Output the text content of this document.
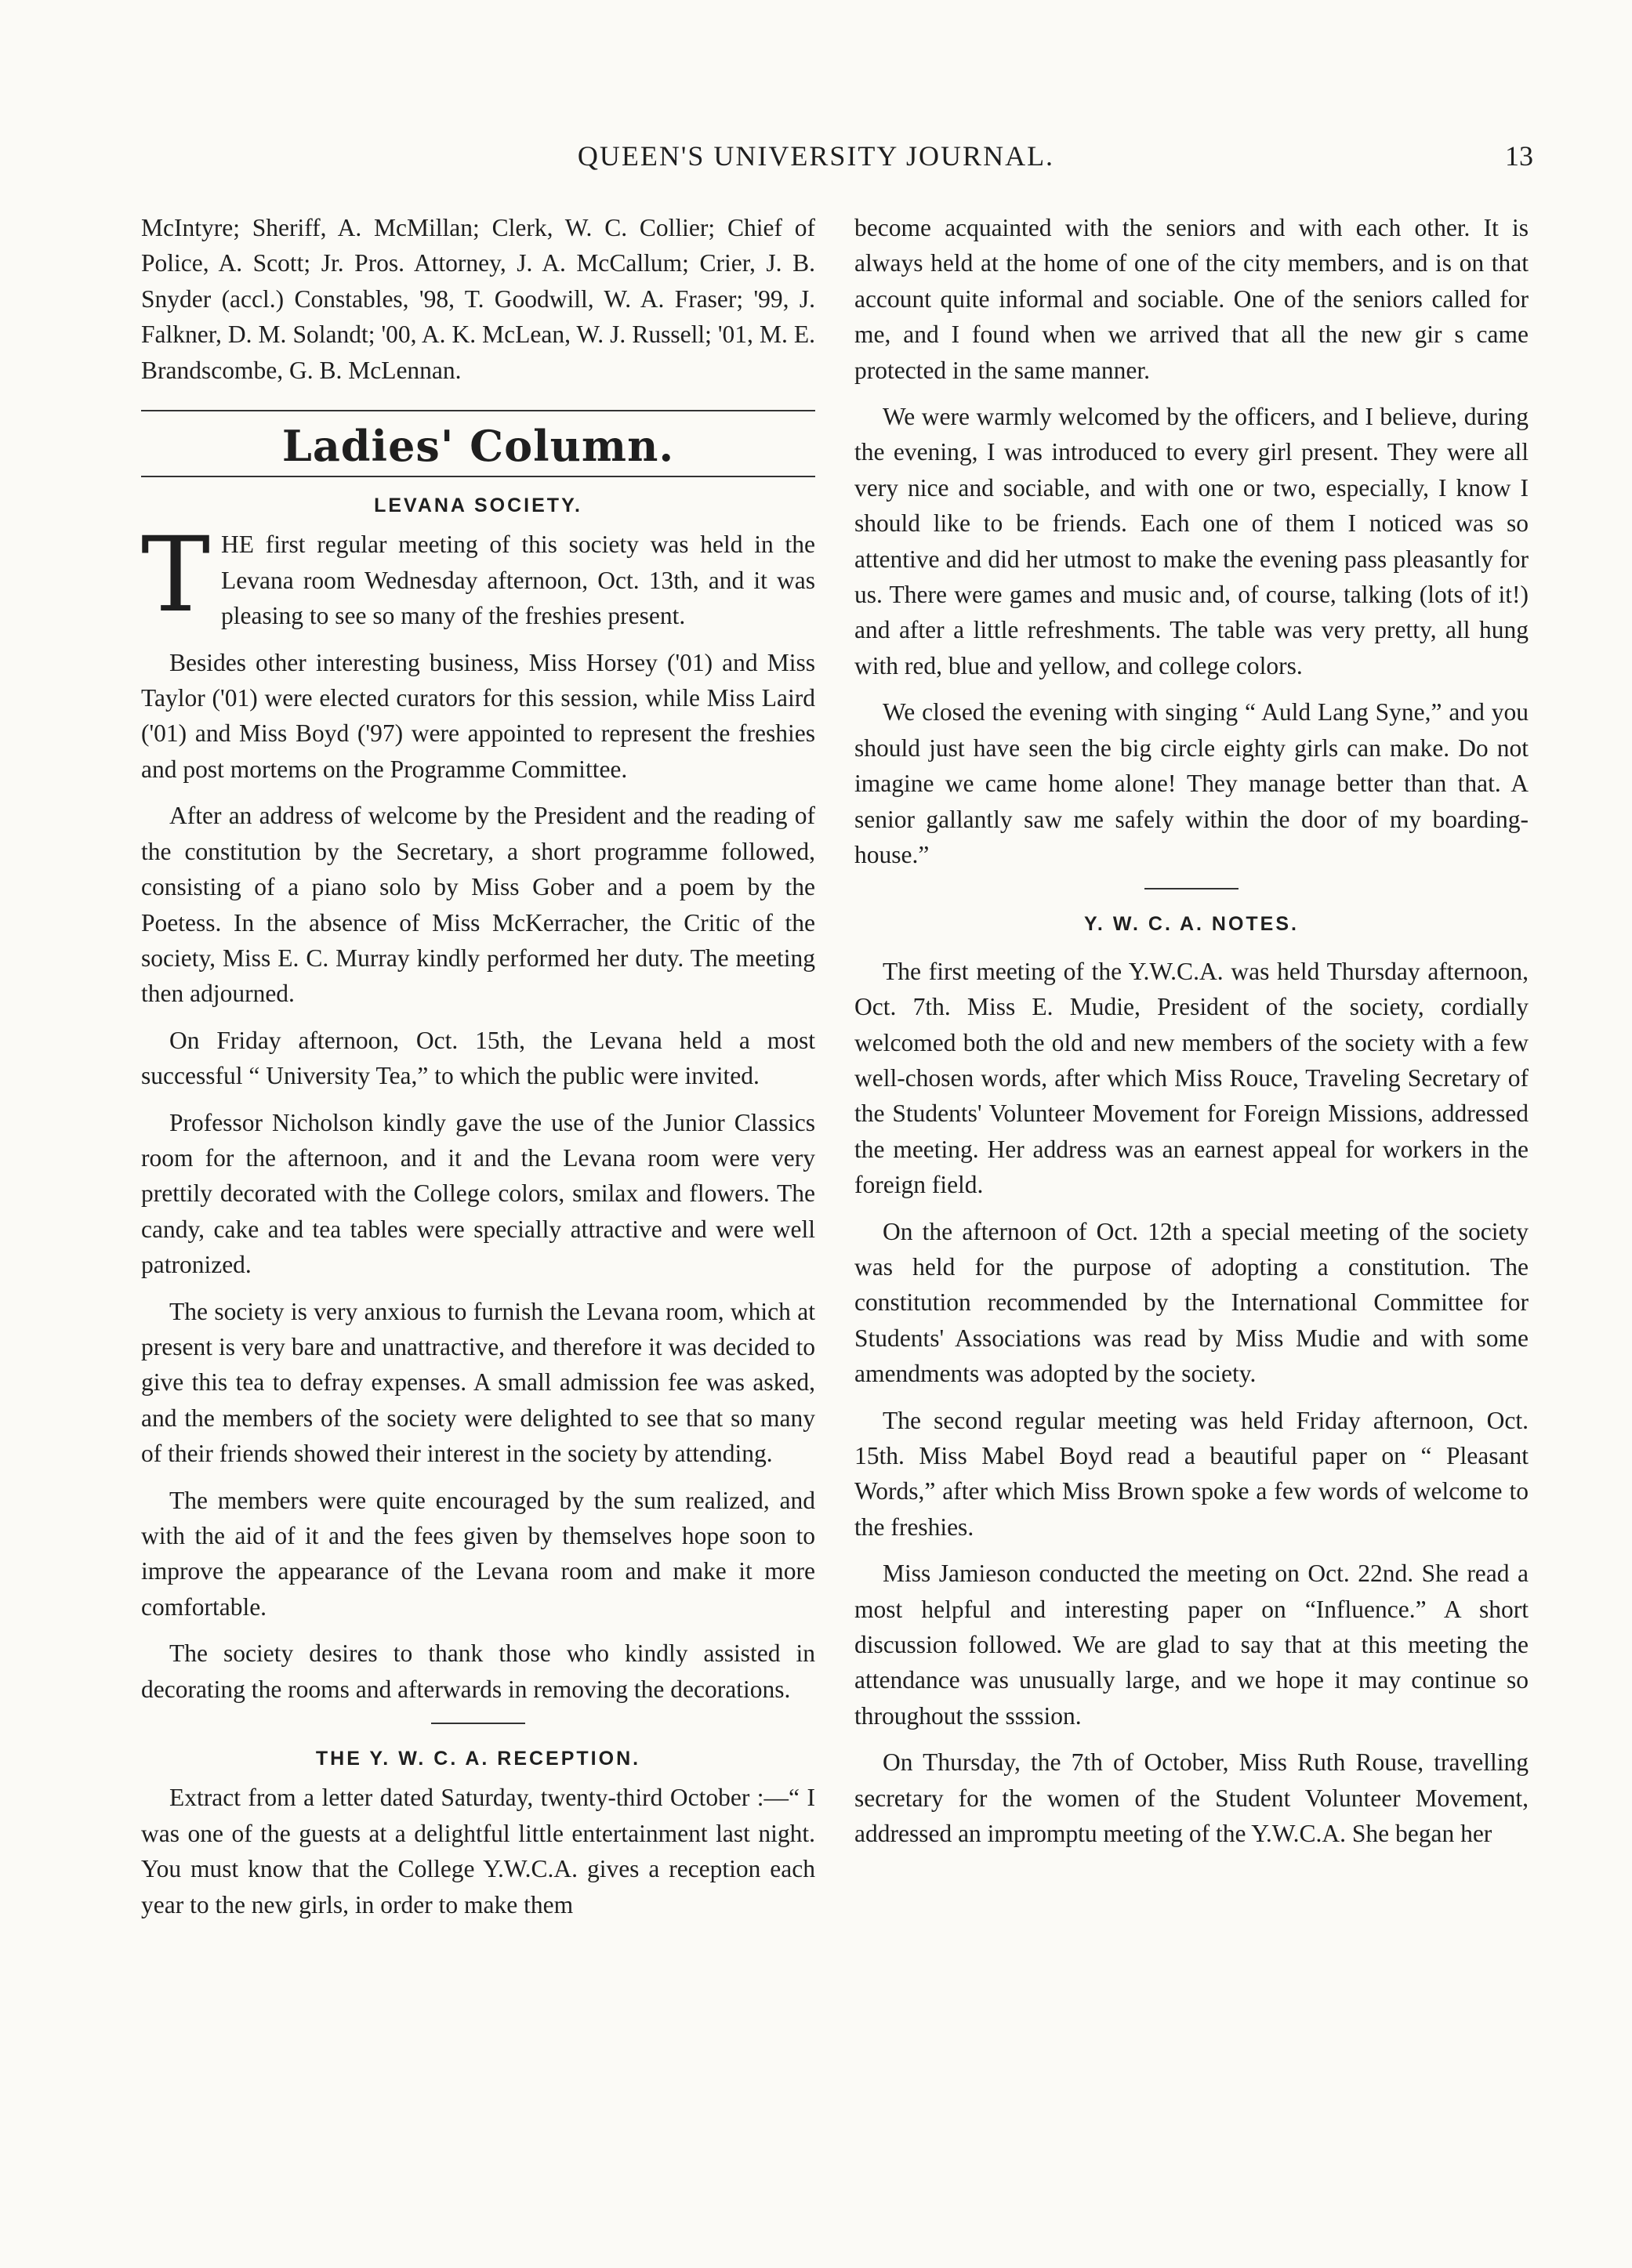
QUEEN'S UNIVERSITY JOURNAL.	13

McIntyre; Sheriff, A. McMillan; Clerk, W. C. Collier; Chief of Police, A. Scott; Jr. Pros. Attorney, J. A. McCallum; Crier, J. B. Snyder (accl.) Constables, '98, T. Goodwill, W. A. Fraser; '99, J. Falkner, D. M. Solandt; '00, A. K. McLean, W. J. Russell; '01, M. E. Brandscombe, G. B. McLennan.

Ladies' Column.
LEVANA SOCIETY.

THE first regular meeting of this society was held in the Levana room Wednesday afternoon, Oct. 13th, and it was pleasing to see so many of the freshies present.

Besides other interesting business, Miss Horsey ('01) and Miss Taylor ('01) were elected curators for this session, while Miss Laird ('01) and Miss Boyd ('97) were appointed to represent the freshies and post mortems on the Programme Committee.

After an address of welcome by the President and the reading of the constitution by the Secretary, a short programme followed, consisting of a piano solo by Miss Gober and a poem by the Poetess. In the absence of Miss McKerracher, the Critic of the society, Miss E. C. Murray kindly performed her duty. The meeting then adjourned.

On Friday afternoon, Oct. 15th, the Levana held a most successful “ University Tea,” to which the public were invited.

Professor Nicholson kindly gave the use of the Junior Classics room for the afternoon, and it and the Levana room were very prettily decorated with the College colors, smilax and flowers. The candy, cake and tea tables were specially attractive and were well patronized.

The society is very anxious to furnish the Levana room, which at present is very bare and unattractive, and therefore it was decided to give this tea to defray expenses. A small admission fee was asked, and the members of the society were delighted to see that so many of their friends showed their interest in the society by attending.

The members were quite encouraged by the sum realized, and with the aid of it and the fees given by themselves hope soon to improve the appearance of the Levana room and make it more comfortable.

The society desires to thank those who kindly assisted in decorating the rooms and afterwards in removing the decorations.

THE Y. W. C. A. RECEPTION.

Extract from a letter dated Saturday, twenty-third October :—“ I was one of the guests at a delightful little entertainment last night. You must know that the College Y.W.C.A. gives a reception each year to the new girls, in order to make them

become acquainted with the seniors and with each other. It is always held at the home of one of the city members, and is on that account quite informal and sociable. One of the seniors called for me, and I found when we arrived that all the new gir s came protected in the same manner.

We were warmly welcomed by the officers, and I believe, during the evening, I was introduced to every girl present. They were all very nice and sociable, and with one or two, especially, I know I should like to be friends. Each one of them I noticed was so attentive and did her utmost to make the evening pass pleasantly for us. There were games and music and, of course, talking (lots of it!) and after a little refreshments. The table was very pretty, all hung with red, blue and yellow, and college colors.

We closed the evening with singing “ Auld Lang Syne,” and you should just have seen the big circle eighty girls can make. Do not imagine we came home alone! They manage better than that. A senior gallantly saw me safely within the door of my boarding-house.”

Y. W. C. A. NOTES.

The first meeting of the Y.W.C.A. was held Thursday afternoon, Oct. 7th. Miss E. Mudie, President of the society, cordially welcomed both the old and new members of the society with a few well-chosen words, after which Miss Rouce, Traveling Secretary of the Students' Volunteer Movement for Foreign Missions, addressed the meeting. Her address was an earnest appeal for workers in the foreign field.

On the afternoon of Oct. 12th a special meeting of the society was held for the purpose of adopting a constitution. The constitution recommended by the International Committee for Students' Associations was read by Miss Mudie and with some amendments was adopted by the society.

The second regular meeting was held Friday afternoon, Oct. 15th. Miss Mabel Boyd read a beautiful paper on “ Pleasant Words,” after which Miss Brown spoke a few words of welcome to the freshies.

Miss Jamieson conducted the meeting on Oct. 22nd. She read a most helpful and interesting paper on “Influence.” A short discussion followed. We are glad to say that at this meeting the attendance was unusually large, and we hope it may continue so throughout the ssssion.

On Thursday, the 7th of October, Miss Ruth Rouse, travelling secretary for the women of the Student Volunteer Movement, addressed an impromptu meeting of the Y.W.C.A. She began her
